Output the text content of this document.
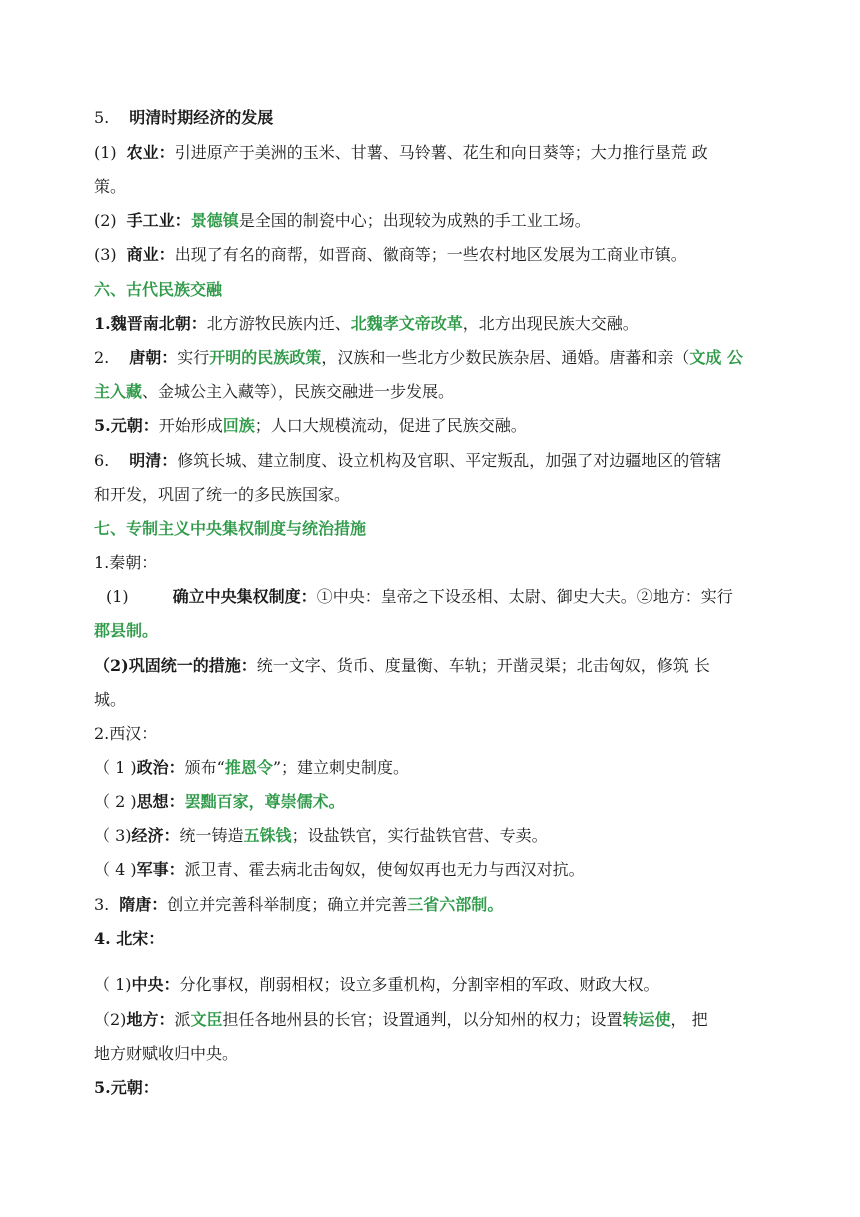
5. 明清时期经济的发展
(1) 农业：引进原产于美洲的玉米、甘薯、马铃薯、花生和向日葵等；大力推行垦荒 政
策。
(2) 手工业：景德镇是全国的制瓷中心；出现较为成熟的手工业工场。
(3) 商业：出现了有名的商帮，如晋商、徽商等；一些农村地区发展为工商业市镇。
六、古代民族交融
1.魏晋南北朝：北方游牧民族内迁、北魏孝文帝改革，北方出现民族大交融。
2. 唐朝：实行开明的民族政策，汉族和一些北方少数民族杂居、通婚。唐蕃和亲（文成 公
主入藏、金城公主入藏等），民族交融进一步发展。
5.元朝：开始形成回族；人口大规模流动，促进了民族交融。
6. 明清：修筑长城、建立制度、设立机构及官职、平定叛乱，加强了对边疆地区的管辖
和开发，巩固了统一的多民族国家。
七、专制主义中央集权制度与统治措施
1.秦朝：
(1)	确立中央集权制度：①中央：皇帝之下设丞相、太尉、御史大夫。②地方：实行
郡县制。
（2)巩固统一的措施：统一文字、货币、度量衡、车轨；开凿灵渠；北击匈奴，修筑 长
城。
2.西汉：
（ 1 )政治：颁布“推恩令”；建立刺史制度。
（ 2 )思想：罢黜百家，尊崇儒术。
（ 3)经济：统一铸造五铢钱；设盐铁官，实行盐铁官营、专卖。
（ 4 )军事：派卫青、霍去病北击匈奴，使匈奴再也无力与西汉对抗。
3. 隋唐：创立并完善科举制度；确立并完善三省六部制。
4. 北宋：
（ 1)中央：分化事权，削弱相权；设立多重机构，分割宰相的军政、财政大权。
（2)地方：派文臣担任各地州县的长官；设置通判，以分知州的权力；设置转运使， 把
地方财赋收归中央。
5.元朝：
